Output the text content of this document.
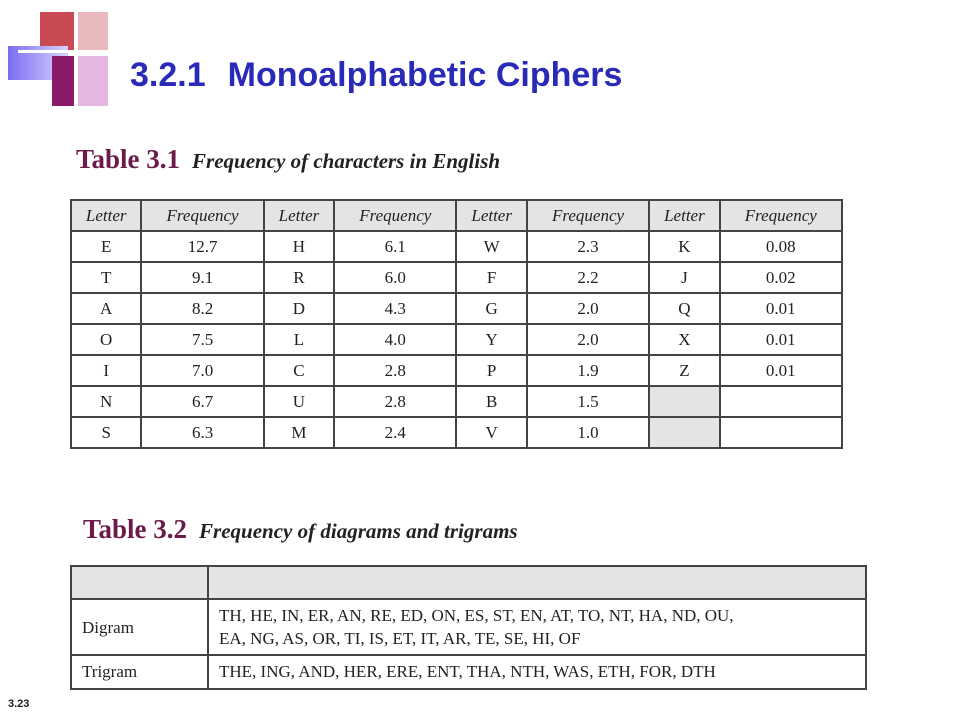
3.2.1 Monoalphabetic Ciphers
Table 3.1 Frequency of characters in English
Letter	Frequency	Letter	Frequency	Letter	Frequency	Letter	Frequency
E	12.7	H	6.1	W	2.3	K	0.08
T	9.1	R	6.0	F	2.2	J	0.02
A	8.2	D	4.3	G	2.0	Q	0.01
O	7.5	L	4.0	Y	2.0	X	0.01
I	7.0	C	2.8	P	1.9	Z	0.01
N	6.7	U	2.8	B	1.5		
S	6.3	M	2.4	V	1.0		
Table 3.2 Frequency of diagrams and trigrams

Digram	TH, HE, IN, ER, AN, RE, ED, ON, ES, ST, EN, AT, TO, NT, HA, ND, OU,
EA, NG, AS, OR, TI, IS, ET, IT, AR, TE, SE, HI, OF
Trigram	THE, ING, AND, HER, ERE, ENT, THA, NTH, WAS, ETH, FOR, DTH
3.23
